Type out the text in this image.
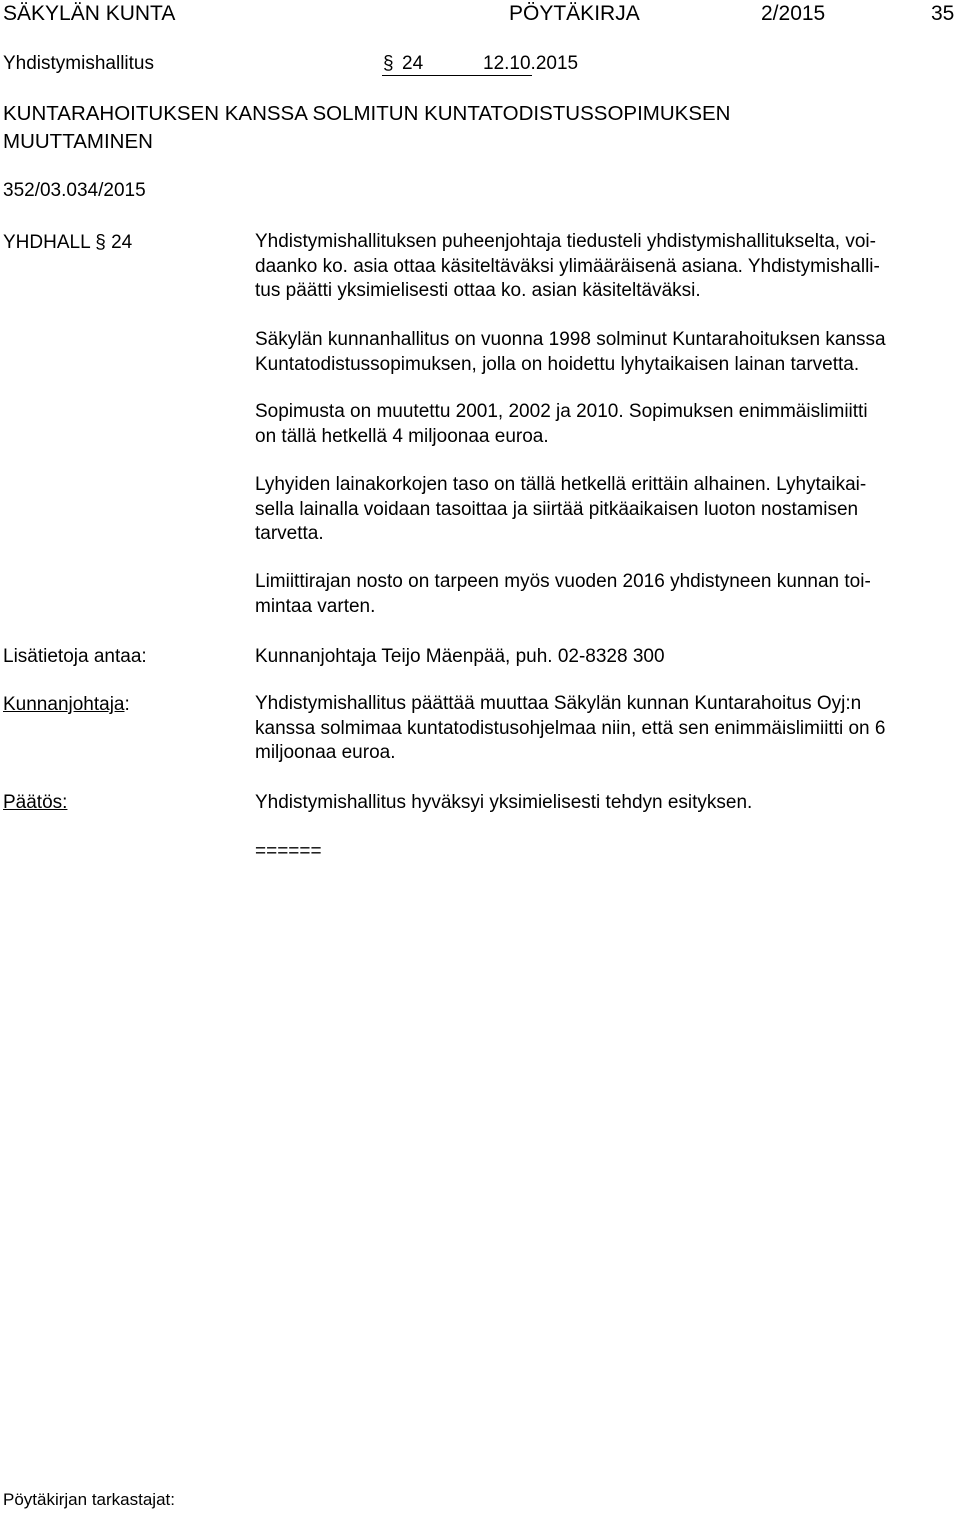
SÄKYLÄN KUNTA	PÖYTÄKIRJA	2/2015	35
Yhdistymishallitus	§ 24	12.10.2015
KUNTARAHOITUKSEN KANSSA SOLMITUN KUNTATODISTUSSOPIMUKSEN
MUUTTAMINEN
352/03.034/2015
YHDHALL § 24	Yhdistymishallituksen puheenjohtaja tiedusteli yhdistymishallitukselta, voi-
daanko ko. asia ottaa käsiteltäväksi ylimääräisenä asiana. Yhdistymishalli-
tus päätti yksimielisesti ottaa ko. asian käsiteltäväksi.

Säkylän kunnanhallitus on vuonna 1998 solminut Kuntarahoituksen kanssa
Kuntatodistussopimuksen, jolla on hoidettu lyhytaikaisen lainan tarvetta.

Sopimusta on muutettu 2001, 2002 ja 2010. Sopimuksen enimmäislimiitti
on tällä hetkellä 4 miljoonaa euroa.

Lyhyiden lainakorkojen taso on tällä hetkellä erittäin alhainen. Lyhytaikai-
sella lainalla voidaan tasoittaa ja siirtää pitkäaikaisen luoton nostamisen
tarvetta.

Limiittirajan nosto on tarpeen myös vuoden 2016 yhdistyneen kunnan toi-
mintaa varten.

Lisätietoja antaa:	Kunnanjohtaja Teijo Mäenpää, puh. 02-8328 300
Kunnanjohtaja:	Yhdistymishallitus päättää muuttaa Säkylän kunnan Kuntarahoitus Oyj:n
kanssa solmimaa kuntatodistusohjelmaa niin, että sen enimmäislimiitti on 6
miljoonaa euroa.

Päätös:	Yhdistymishallitus hyväksyi yksimielisesti tehdyn esityksen.
======
Pöytäkirjan tarkastajat:
